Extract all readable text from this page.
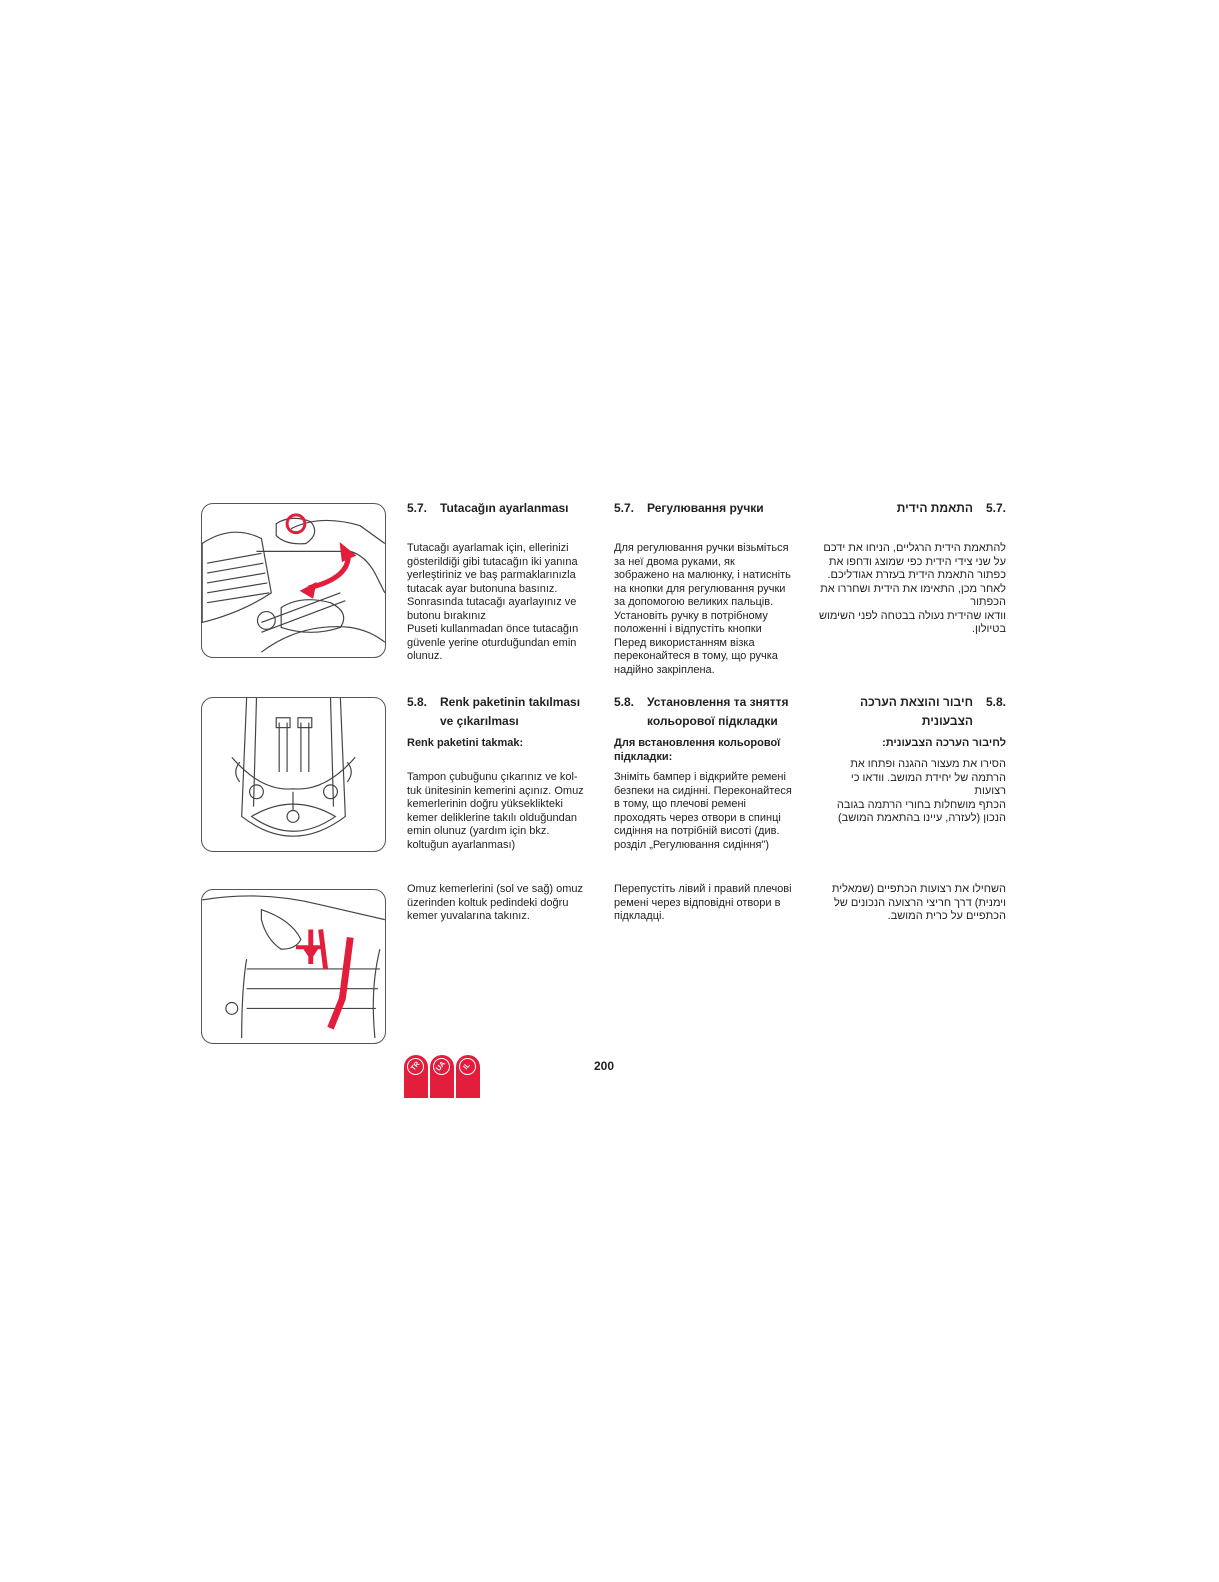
5.7. Tutacağın ayarlanması	5.7. Регулювання ручки	.5.7
התאמת הידית

Tutacağı ayarlamak için, ellerinizi
gösterildiği gibi tutacağın iki yanına
yerleştiriniz ve baş parmaklarınızla
tutacak ayar butonuna basınız.
Sonrasında tutacağı ayarlayınız ve
butonu bırakınız
Puseti kullanmadan önce tutacağın
güvenle yerine oturduğundan emin
olunuz.

Для регулювання ручки візьміться
за неї двома руками, як
зображено на малюнку, і натисніть
на кнопки для регулювання ручки
за допомогою великих пальців.
Установіть ручку в потрібному
положенні і відпустіть кнопки
Перед використанням візка
переконайтеся в тому, що ручка
надійно закріплена.

להתאמת הידית הרגליים, הניחו את ידכם
על שני צידי הידית כפי שמוצג ודחפו את
כפתור התאמת הידית בעזרת אגודליכם.
לאחר מכן, התאימו את הידית ושחררו את
הכפתור
וודאו שהידית נעולה בבטחה לפני השימוש
בטיולון.

5.8. Renk paketinin takılması ve çıkarılması
5.8. Установлення та зняття кольорової підкладки
.5.8
חיבור והוצאת הערכה הצבעונית
Renk paketini takmak:	Для встановлення кольорової підкладки:
לחיבור הערכה הצבעונית:

Tampon çubuğunu çıkarınız ve kol-
tuk ünitesinin kemerini açınız. Omuz
kemerlerinin doğru yükseklikteki
kemer deliklerine takılı olduğundan
emin olunuz (yardım için bkz.
koltuğun ayarlanması)

Зніміть бампер і відкрийте ремені
безпеки на сидінні. Переконайтеся
в тому, що плечові ремені
проходять через отвори в спинці
сидіння на потрібній висоті (див.
розділ „Регулювання сидіння")

הסירו את מעצור ההגנה ופתחו את
הרתמה של יחידת המושב. וודאו כי רצועות
הכתף מושחלות בחורי הרתמה בגובה
הנכון (לעזרה, עיינו בהתאמת המושב)

Omuz kemerlerini (sol ve sağ) omuz
üzerinden koltuk pedindeki doğru
kemer yuvalarına takınız.

Перепустіть лівий і правий плечові
ремені через відповідні отвори в
підкладці.

השחילו את רצועות הכתפיים (שמאלית
וימנית) דרך חריצי הרצועה הנכונים של
הכתפיים על כרית המושב.

TR UA IL	200
